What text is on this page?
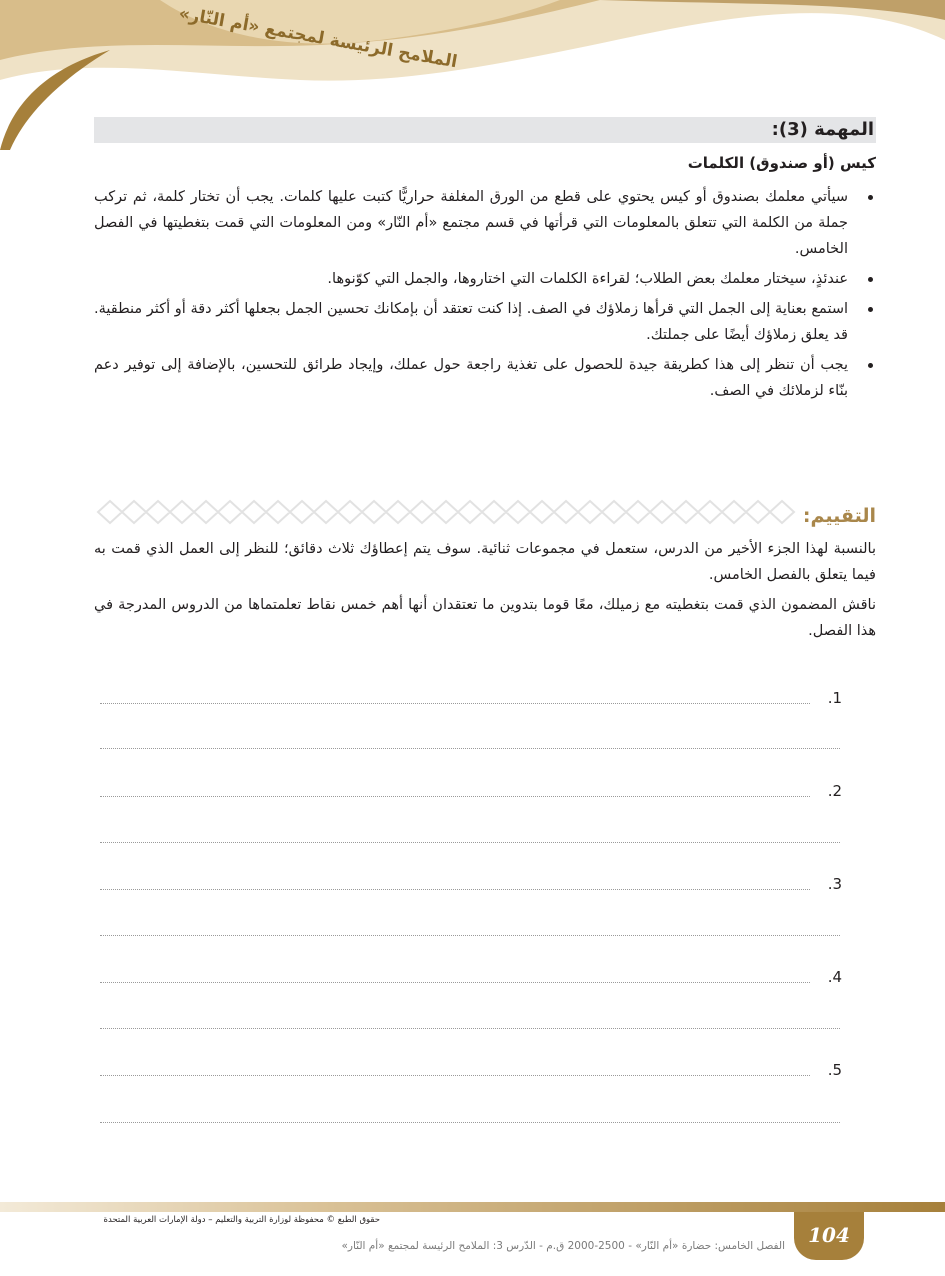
الملامح الرئيسة لمجتمع «أم النّار»
المهمة (3):
كيس (أو صندوق) الكلمات
سيأتي معلمك بصندوق أو كيس يحتوي على قطع من الورق المغلفة حراريًّا كتبت عليها كلمات. يجب أن تختار كلمة، ثم تركب جملة من الكلمة التي تتعلق بالمعلومات التي قرأتها في قسم مجتمع «أم النّار» ومن المعلومات التي قمت بتغطيتها في الفصل الخامس.
عندئذٍ، سيختار معلمك بعض الطلاب؛ لقراءة الكلمات التي اختاروها، والجمل التي كوّنوها.
استمع بعناية إلى الجمل التي قرأها زملاؤك في الصف. إذا كنت تعتقد أن بإمكانك تحسين الجمل بجعلها أكثر دقة أو أكثر منطقية. قد يعلق زملاؤك أيضًا على جملتك.
يجب أن تنظر إلى هذا كطريقة جيدة للحصول على تغذية راجعة حول عملك، وإيجاد طرائق للتحسين، بالإضافة إلى توفير دعم بنّاء لزملائك في الصف.
التقييم:

بالنسبة لهذا الجزء الأخير من الدرس، ستعمل في مجموعات ثنائية. سوف يتم إعطاؤك ثلاث دقائق؛ للنظر إلى العمل الذي قمت به فيما يتعلق بالفصل الخامس.

ناقش المضمون الذي قمت بتغطيته مع زميلك، معًا قوما بتدوين ما تعتقدان أنها أهم خمس نقاط تعلمتماها من الدروس المدرجة في هذا الفصل.

.1
.2
.3
.4
.5
حقوق الطبع © محفوظة لوزارة التربية والتعليم – دولة الإمارات العربية المتحدة
الفصل الخامس: حضارة «أم النّار» - 2500-2000 ق.م - الدّرس 3: الملامح الرئيسة لمجتمع «أم النّار»	104
